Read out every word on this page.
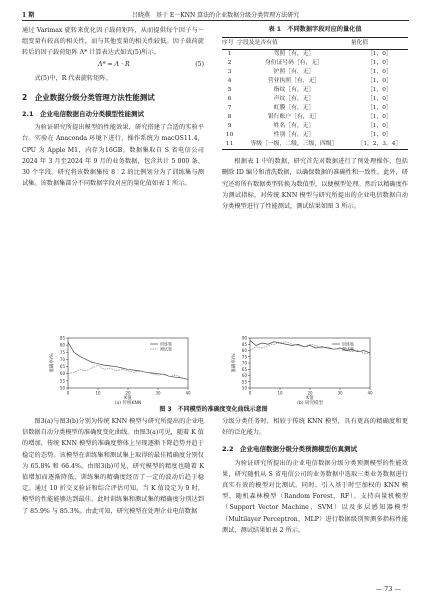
1 期	吕晓燕　基于 E－KNN 算法的企业数据分级分类管理方法研究

通过 Varimax 旋转来优化因子载荷矩阵，从而提供每个因子与一组变量有较高的相关性，而与其他变量的相关性较低。因子载荷旋转后的因子载荷矩阵 Λ* 计算表达式如式(5)所示。

Λ* = Λ · R	(5)

式(5)中，R 代表旋转矩阵。

2　企业数据分级分类管理方法性能测试
2.1　企业电信数据自动分类模型性能测试

为验证研究所提出模型的性能效果，研究搭建了合适的实验平台。实验在 Anaconda 环境下进行，操作系统为 macOS11.4，CPU 为 Apple M1，内存为16GB。数据集取自 S 省电信公司 2024 年 3 月至2024 年 9 月的业务数据，包含共计 5 000 条、30 个字段。研究将该数据集按 8∶2 的比例划分为了训练集与测试集。该数据集部分不同数据字段对应的量化值如表 1 所示。

表 1　不同数据字段对应的量化值
序号	字段及是否有值	量化值
1	驾照［有，无］	［1，0］
2	身份证号码［有，无］	［1，0］
3	护照［有，无］	［1，0］
4	营业执照［有，无］	［1，0］
5	指纹［有，无］	［1，0］
6	声纹［有，无］	［1，0］
7	虹膜［有，无］	［1，0］
8	银行账户［有，无］	［1，0］
9	姓名［有，无］	［1，0］
10	性别［有，无］	［1，0］
11	等级［一级，二级，三级，四级］	［1，2，3，4］

根据表 1 中的数据，研究首先对数据进行了预处理操作，包括删除 ID 编号和清洗数据，以确保数据的准确性和一致性。此外，研究还将所有数据类型转换为数值型，以便模型处理。然后以精确度作为测试指标，对传统 KNN 模型与研究所提出的企业电信数据自动分类模型进行了性能测试，测试结果如图 3 所示。

50
55
60
65
70
75
80
85
0	10	20	30	40
K值
(a) 传统KNN
准确率/%
训练集
测试集
50
55
60
65
70
75
80
85
90
0	10	20	30	40
K值
(b) 研究模型
准确率/%
训练集
测试集
图 3　不同模型的准确度变化曲线示意图

图3(a)与图3(b)分别为传统 KNN 模型与研究所提出的企业电信数据自动分类模型的准确度变化曲线。由图3(a)可见，随着 K 值的增加，传统 KNN 模型的准确度整体上呈现逐渐下降趋势并趋于稳定的态势。该模型在训练集和测试集上取得的最佳精确度分别仅为 65.8% 和 66.4%。由图3(b)可见，研究模型的精度也随着 K 值增加而逐渐降低，训练集的精确度经历了一定的波动后趋于稳定。通过 10 折交叉验证和综合评估可知，当 K 值设定为 9 时，模型的性能能够达到最佳。此时训练集和测试集的精确度分别达到了 85.9% 与 85.3%。由此可知，研究模型在处理企业电信数据

分级分类任务时，相较于传统 KNN 模型，具有更高的精确度和更好的泛化能力。

2.2　企业电信数据分级分类预测模型仿真测试

为验证研究所提出的企业电信数据分级分类预测模型的性能效果，研究随机从 S 省电信公司的业务数据中选取三类业务数据进行真实有效的模型对比测试。同时，引入基于时空加权的 KNN 模型、随机森林模型（Random Forest，RF）、支持向量机模型（Support Vector Machine，SVM）以及多层感知器模型（Multilayer Perceptron，MLP）进行数据级别预测多指标性能测试，测试结果如表 2 所示。

— 73 —
